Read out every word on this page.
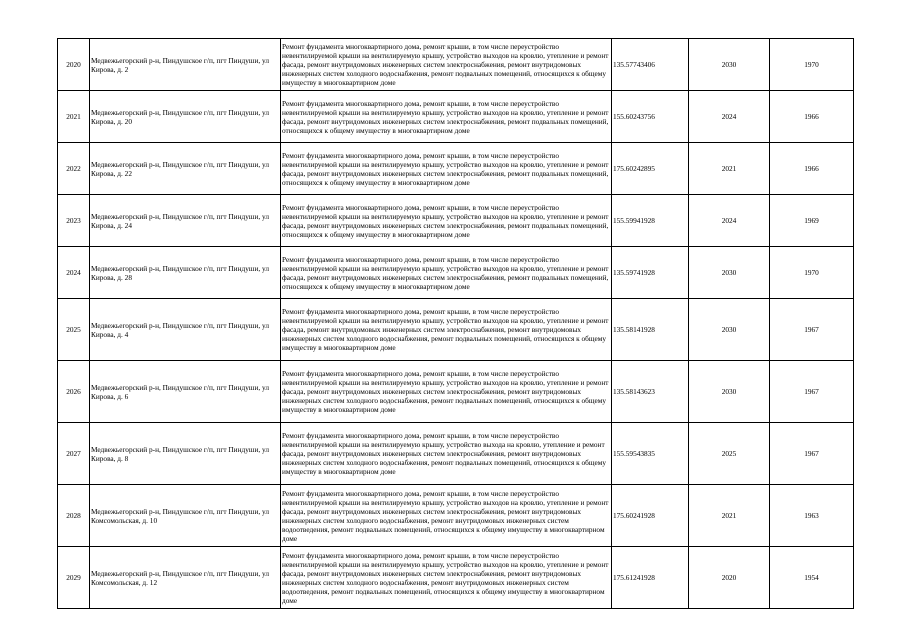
2020	Медвежьегорский р-н, Пиндушское г/п, пгт Пиндуши, ул Кирова, д. 2	Ремонт фундамента многоквартирного дома, ремонт крыши, в том числе переустройство невентилируемой крыши на вентилируемую крышу, устройство выходов на кровлю, утепление и ремонт фасада, ремонт внутридомовых инженерных систем электроснабжения, ремонт внутридомовых инженерных систем холодного водоснабжения, ремонт подвальных помещений, относящихся к общему имуществу в многоквартирном доме	135.57743406	2030	1970
2021	Медвежьегорский р-н, Пиндушское г/п, пгт Пиндуши, ул Кирова, д. 20	Ремонт фундамента многоквартирного дома, ремонт крыши, в том числе переустройство невентилируемой крыши на вентилируемую крышу, устройство выходов на кровлю, утепление и ремонт фасада, ремонт внутридомовых инженерных систем электроснабжения, ремонт подвальных помещений, относящихся к общему имуществу в многоквартирном доме	155.60243756	2024	1966
2022	Медвежьегорский р-н, Пиндушское г/п, пгт Пиндуши, ул Кирова, д. 22	Ремонт фундамента многоквартирного дома, ремонт крыши, в том числе переустройство невентилируемой крыши на вентилируемую крышу, устройство выходов на кровлю, утепление и ремонт фасада, ремонт внутридомовых инженерных систем электроснабжения, ремонт подвальных помещений, относящихся к общему имуществу в многоквартирном доме	175.60242895	2021	1966
2023	Медвежьегорский р-н, Пиндушское г/п, пгт Пиндуши, ул Кирова, д. 24	Ремонт фундамента многоквартирного дома, ремонт крыши, в том числе переустройство невентилируемой крыши на вентилируемую крышу, устройство выходов на кровлю, утепление и ремонт фасада, ремонт внутридомовых инженерных систем электроснабжения, ремонт подвальных помещений, относящихся к общему имуществу в многоквартирном доме	155.59941928	2024	1969
2024	Медвежьегорский р-н, Пиндушское г/п, пгт Пиндуши, ул Кирова, д. 28	Ремонт фундамента многоквартирного дома, ремонт крыши, в том числе переустройство невентилируемой крыши на вентилируемую крышу, устройство выходов на кровлю, утепление и ремонт фасада, ремонт внутридомовых инженерных систем электроснабжения, ремонт подвальных помещений, относящихся к общему имуществу в многоквартирном доме	135.59741928	2030	1970
2025	Медвежьегорский р-н, Пиндушское г/п, пгт Пиндуши, ул Кирова, д. 4	Ремонт фундамента многоквартирного дома, ремонт крыши, в том числе переустройство невентилируемой крыши на вентилируемую крышу, устройство выходов на кровлю, утепление и ремонт фасада, ремонт внутридомовых инженерных систем электроснабжения, ремонт внутридомовых инженерных систем холодного водоснабжения, ремонт подвальных помещений, относящихся к общему имуществу в многоквартирном доме	135.58141928	2030	1967
2026	Медвежьегорский р-н, Пиндушское г/п, пгт Пиндуши, ул Кирова, д. 6	Ремонт фундамента многоквартирного дома, ремонт крыши, в том числе переустройство невентилируемой крыши на вентилируемую крышу, устройство выходов на кровлю, утепление и ремонт фасада, ремонт внутридомовых инженерных систем электроснабжения, ремонт внутридомовых инженерных систем холодного водоснабжения, ремонт подвальных помещений, относящихся к общему имуществу в многоквартирном доме	135.58143623	2030	1967
2027	Медвежьегорский р-н, Пиндушское г/п, пгт Пиндуши, ул Кирова, д. 8	Ремонт фундамента многоквартирного дома, ремонт крыши, в том числе переустройство невентилируемой крыши на вентилируемую крышу, устройство выхода на кровлю, утепление и ремонт фасада, ремонт внутридомовых инженерных систем электроснабжения, ремонт внутридомовых инженерных систем холодного водоснабжения, ремонт подвальных помещений, относящихся к общему имуществу в многоквартирном доме	155.59543835	2025	1967
2028	Медвежьегорский р-н, Пиндушское г/п, пгт Пиндуши, ул Комсомольская, д. 10	Ремонт фундамента многоквартирного дома, ремонт крыши, в том числе переустройство невентилируемой крыши на вентилируемую крышу, устройство выходов на кровлю, утепление и ремонт фасада, ремонт внутридомовых инженерных систем электроснабжения, ремонт внутридомовых инженерных систем холодного водоснабжения, ремонт внутридомовых инженерных систем водоотведения, ремонт подвальных помещений, относящихся к общему имуществу в многоквартирном доме	175.60241928	2021	1963
2029	Медвежьегорский р-н, Пиндушское г/п, пгт Пиндуши, ул Комсомольская, д. 12	Ремонт фундамента многоквартирного дома, ремонт крыши, в том числе переустройство невентилируемой крыши на вентилируемую крышу, устройство выходов на кровлю, утепление и ремонт фасада, ремонт внутридомовых инженерных систем электроснабжения, ремонт внутридомовых инженерных систем холодного водоснабжения, ремонт внутридомовых инженерных систем водоотведения, ремонт подвальных помещений, относящихся к общему имуществу в многоквартирном доме	175.61241928	2020	1954
